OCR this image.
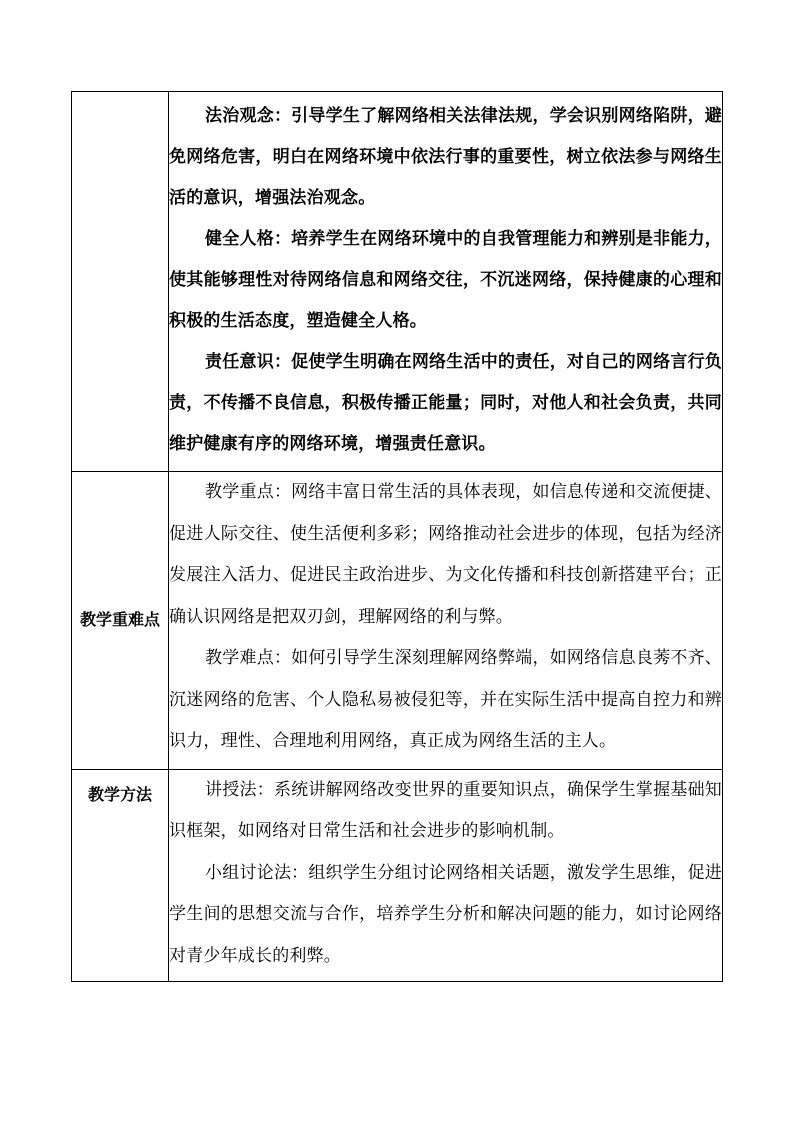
	法治观念：引导学生了解网络相关法律法规，学会识别网络陷阱，避免网络危害，明白在网络环境中依法行事的重要性，树立依法参与网络生活的意识，增强法治观念。

健全人格：培养学生在网络环境中的自我管理能力和辨别是非能力，使其能够理性对待网络信息和网络交往，不沉迷网络，保持健康的心理和积极的生活态度，塑造健全人格。

责任意识：促使学生明确在网络生活中的责任，对自己的网络言行负责，不传播不良信息，积极传播正能量；同时，对他人和社会负责，共同维护健康有序的网络环境，增强责任意识。

教学重难点	教学重点：网络丰富日常生活的具体表现，如信息传递和交流便捷、促进人际交往、使生活便利多彩；网络推动社会进步的体现，包括为经济发展注入活力、促进民主政治进步、为文化传播和科技创新搭建平台；正确认识网络是把双刃剑，理解网络的利与弊。

教学难点：如何引导学生深刻理解网络弊端，如网络信息良莠不齐、沉迷网络的危害、个人隐私易被侵犯等，并在实际生活中提高自控力和辨识力，理性、合理地利用网络，真正成为网络生活的主人。

教学方法	讲授法：系统讲解网络改变世界的重要知识点，确保学生掌握基础知识框架，如网络对日常生活和社会进步的影响机制。

小组讨论法：组织学生分组讨论网络相关话题，激发学生思维，促进学生间的思想交流与合作，培养学生分析和解决问题的能力，如讨论网络对青少年成长的利弊。
